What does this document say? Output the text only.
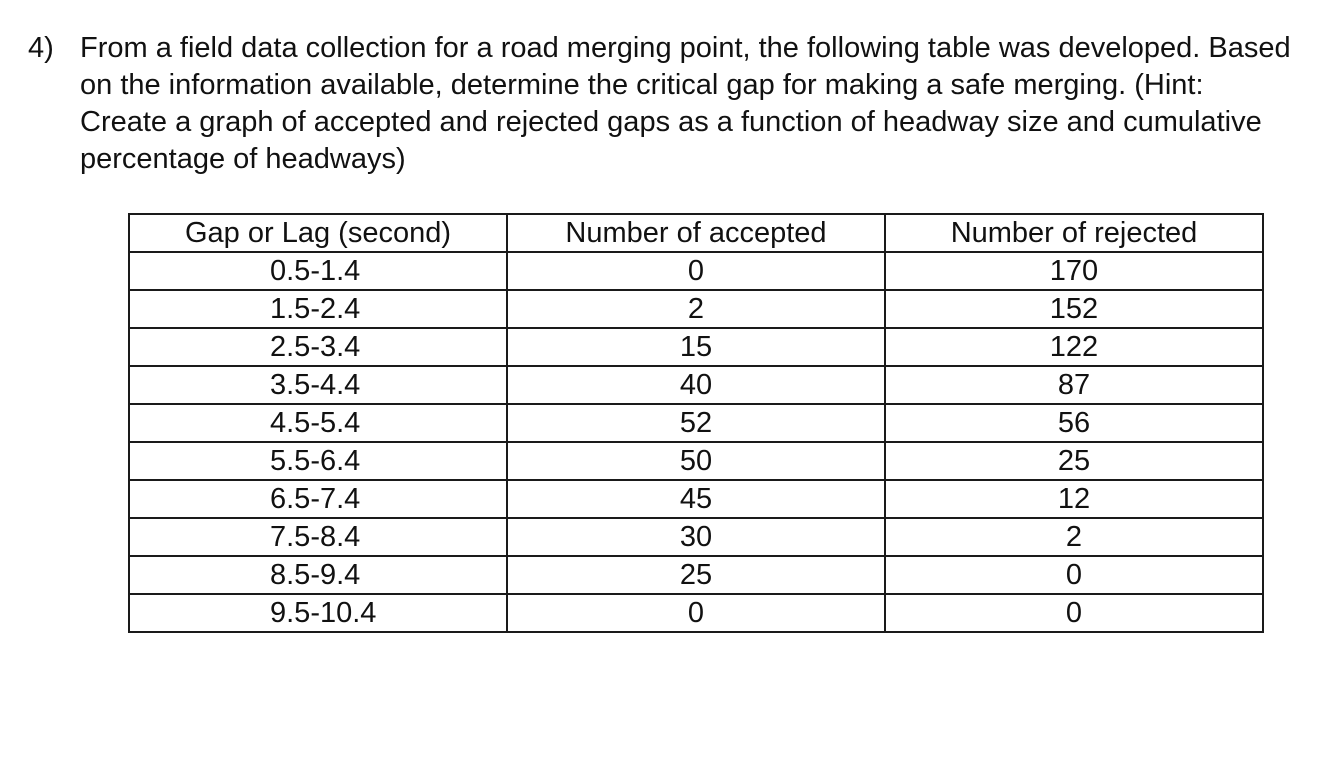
4) From a field data collection for a road merging point, the following table was developed. Based on the information available, determine the critical gap for making a safe merging. (Hint: Create a graph of accepted and rejected gaps as a function of headway size and cumulative percentage of headways)
Gap or Lag (second)	Number of accepted	Number of rejected
0.5-1.4	0	170
1.5-2.4	2	152
2.5-3.4	15	122
3.5-4.4	40	87
4.5-5.4	52	56
5.5-6.4	50	25
6.5-7.4	45	12
7.5-8.4	30	2
8.5-9.4	25	0
9.5-10.4	0	0
